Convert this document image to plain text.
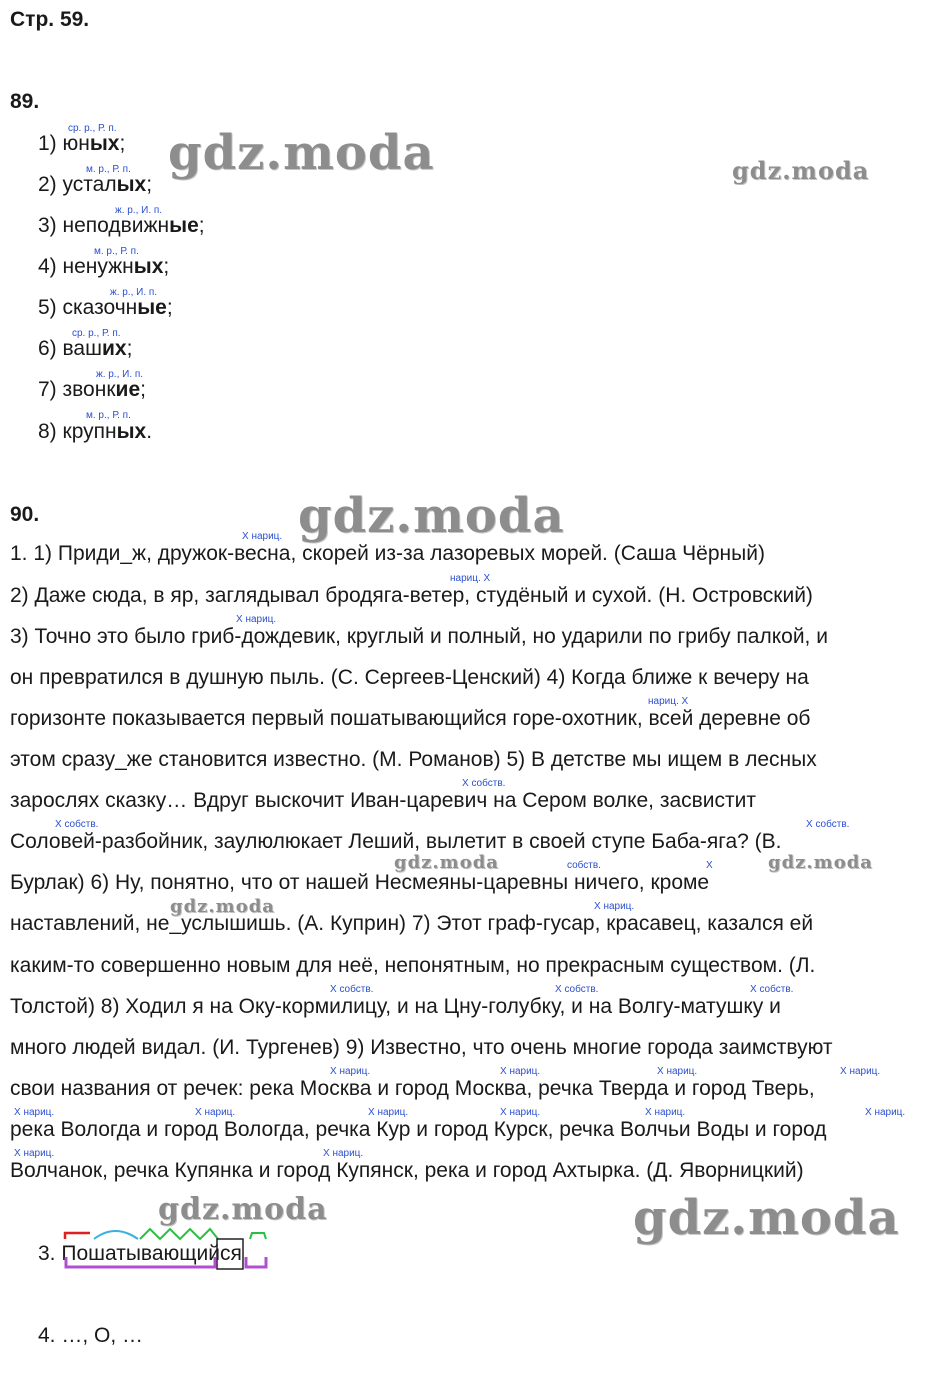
Стр. 59.
89.
ср. р., Р. п.
1) юных;
м. р., Р. п.
2) усталых;
ж. р., И. п.
3) неподвижные;
м. р., Р. п.
4) ненужных;
ж. р., И. п.
5) сказочные;
ср. р., Р. п.
6) ваших;
ж. р., И. п.
7) звонкие;
м. р., Р. п.
8) крупных.
90.
1. 1) Приди_ж, дружок-весна, скорей из-за лазоревых морей. (Саша Чёрный)
2) Даже сюда, в яр, заглядывал бродяга-ветер, студёный и сухой. (Н. Островский)
3) Точно это было гриб-дождевик, круглый и полный, но ударили по грибу палкой, и
он превратился в душную пыль. (С. Сергеев-Ценский) 4) Когда ближе к вечеру на
горизонте показывается первый пошатывающийся горе-охотник, всей деревне об
этом сразу_же становится известно. (М. Романов) 5) В детстве мы ищем в лесных
зарослях сказку… Вдруг выскочит Иван-царевич на Сером волке, засвистит
Соловей-разбойник, заулюлюкает Леший, вылетит в своей ступе Баба-яга? (В.
Бурлак) 6) Ну, понятно, что от нашей Несмеяны-царевны ничего, кроме
наставлений, не_услышишь. (А. Куприн) 7) Этот граф-гусар, красавец, казался ей
каким-то совершенно новым для неё, непонятным, но прекрасным существом. (Л.
Толстой) 8) Ходил я на Оку-кормилицу, и на Цну-голубку, и на Волгу-матушку и
много людей видал. (И. Тургенев) 9) Известно, что очень многие города заимствуют
свои названия от речек: река Москва и город Москва, речка Тверда и город Тверь,
река Вологда и город Вологда, речка Кур и город Курск, речка Волчьи Воды и город
Волчанок, речка Купянка и город Купянск, река и город Ахтырка. (Д. Яворницкий)
X нариц.
нариц. X
X нариц.
нариц. X
X собств.
X собств.	X собств.
собств.	X
X нариц.
X собств.	X собств.	X собств.
X нариц.	X нариц.	X нариц.	X нариц.
X нариц.	X нариц.	X нариц.	X нариц.	X нариц.	X нариц.
X нариц.	X нариц.
3. Пошатывающийся
4. …, О, …
gdz.moda	gdz.moda
gdz.moda
gdz.moda	gdz.moda
gdz.moda
gdz.moda	gdz.moda
